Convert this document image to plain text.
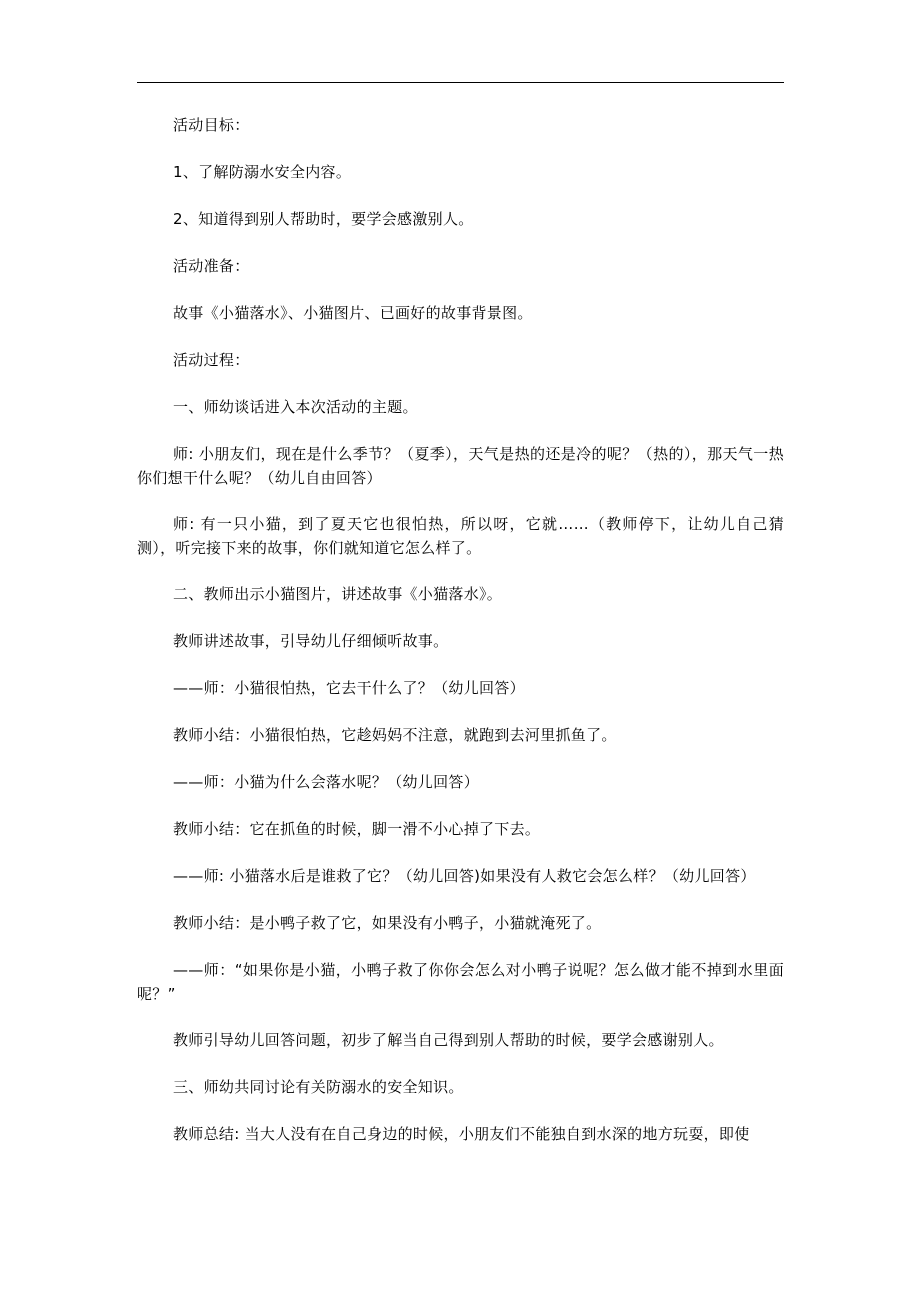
活动目标：

1、了解防溺水安全内容。

2、知道得到别人帮助时，要学会感激别人。

活动准备：

故事《小猫落水》、小猫图片、已画好的故事背景图。

活动过程：

一、师幼谈话进入本次活动的主题。

师: 小朋友们，现在是什么季节？（夏季），天气是热的还是冷的呢？（热的），那天气一热你们想干什么呢？（幼儿自由回答）

师: 有一只小猫，到了夏天它也很怕热，所以呀，它就……（教师停下，让幼儿自己猜测），听完接下来的故事，你们就知道它怎么样了。

二、教师出示小猫图片，讲述故事《小猫落水》。

教师讲述故事，引导幼儿仔细倾听故事。

——师：小猫很怕热，它去干什么了？（幼儿回答）

教师小结：小猫很怕热，它趁妈妈不注意，就跑到去河里抓鱼了。

——师：小猫为什么会落水呢？（幼儿回答）

教师小结：它在抓鱼的时候，脚一滑不小心掉了下去。

——师: 小猫落水后是谁救了它？（幼儿回答)如果没有人救它会怎么样？（幼儿回答）

教师小结：是小鸭子救了它，如果没有小鸭子，小猫就淹死了。

——师：“如果你是小猫，小鸭子救了你你会怎么对小鸭子说呢？怎么做才能不掉到水里面呢？”

教师引导幼儿回答问题，初步了解当自己得到别人帮助的时候，要学会感谢别人。

三、师幼共同讨论有关防溺水的安全知识。

教师总结: 当大人没有在自己身边的时候，小朋友们不能独自到水深的地方玩耍，即使
